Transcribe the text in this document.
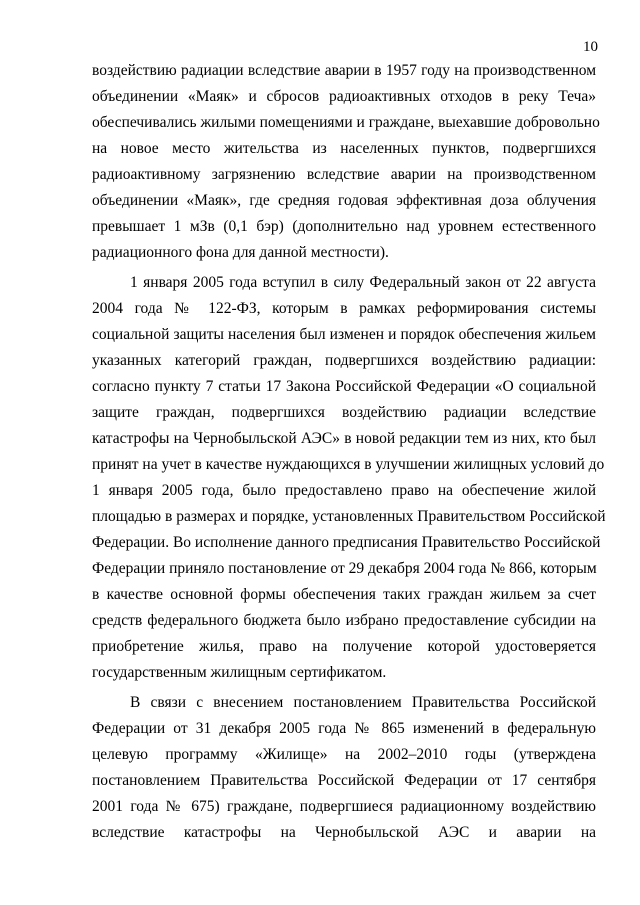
10
воздействию радиации вследствие аварии в 1957 году на производственном
объединении «Маяк» и сбросов радиоактивных отходов в реку Теча»
обеспечивались жилыми помещениями и граждане, выехавшие добровольно
на новое место жительства из населенных пунктов, подвергшихся
радиоактивному загрязнению вследствие аварии на производственном
объединении «Маяк», где средняя годовая эффективная доза облучения
превышает 1 мЗв (0,1 бэр) (дополнительно над уровнем естественного
радиационного фона для данной местности).
1 января 2005 года вступил в силу Федеральный закон от 22 августа
2004 года № 122-ФЗ, которым в рамках реформирования системы
социальной защиты населения был изменен и порядок обеспечения жильем
указанных категорий граждан, подвергшихся воздействию радиации:
согласно пункту 7 статьи 17 Закона Российской Федерации «О социальной
защите граждан, подвергшихся воздействию радиации вследствие
катастрофы на Чернобыльской АЭС» в новой редакции тем из них, кто был
принят на учет в качестве нуждающихся в улучшении жилищных условий до
1 января 2005 года, было предоставлено право на обеспечение жилой
площадью в размерах и порядке, установленных Правительством Российской
Федерации. Во исполнение данного предписания Правительство Российской
Федерации приняло постановление от 29 декабря 2004 года № 866, которым
в качестве основной формы обеспечения таких граждан жильем за счет
средств федерального бюджета было избрано предоставление субсидии на
приобретение жилья, право на получение которой удостоверяется
государственным жилищным сертификатом.
В связи с внесением постановлением Правительства Российской
Федерации от 31 декабря 2005 года № 865 изменений в федеральную
целевую программу «Жилище» на 2002–2010 годы (утверждена
постановлением Правительства Российской Федерации от 17 сентября
2001 года № 675) граждане, подвергшиеся радиационному воздействию
вследствие катастрофы на Чернобыльской АЭС и аварии на
